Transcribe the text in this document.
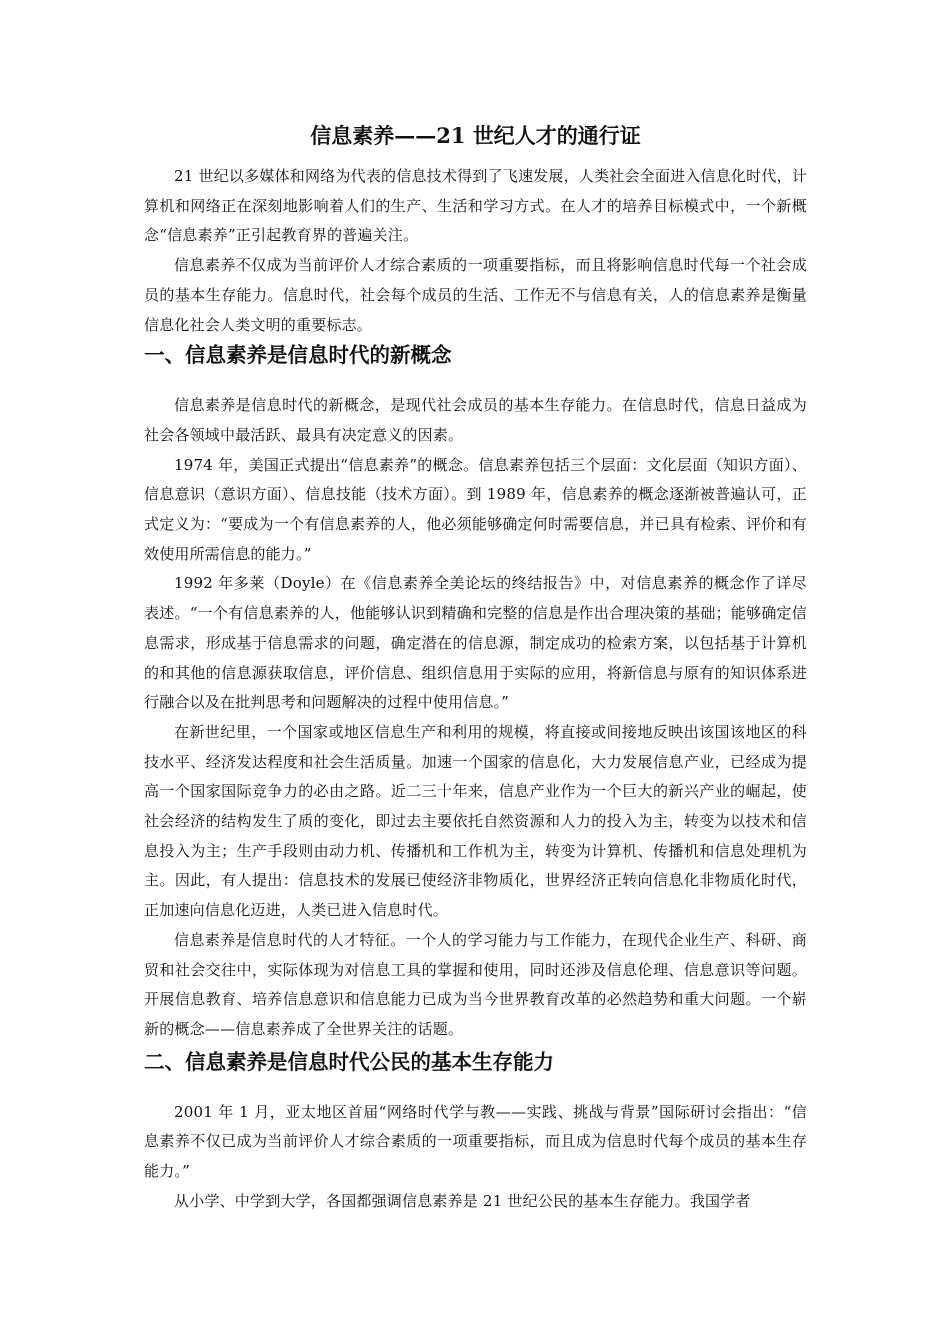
信息素养——21 世纪人才的通行证

21 世纪以多媒体和网络为代表的信息技术得到了飞速发展，人类社会全面进入信息化时代，计算机和网络正在深刻地影响着人们的生产、生活和学习方式。在人才的培养目标模式中，一个新概念“信息素养”正引起教育界的普遍关注。

信息素养不仅成为当前评价人才综合素质的一项重要指标，而且将影响信息时代每一个社会成员的基本生存能力。信息时代，社会每个成员的生活、工作无不与信息有关，人的信息素养是衡量信息化社会人类文明的重要标志。

一、信息素养是信息时代的新概念

信息素养是信息时代的新概念，是现代社会成员的基本生存能力。在信息时代，信息日益成为社会各领域中最活跃、最具有决定意义的因素。

1974 年，美国正式提出“信息素养”的概念。信息素养包括三个层面：文化层面（知识方面）、信息意识（意识方面）、信息技能（技术方面）。到 1989 年，信息素养的概念逐渐被普遍认可，正式定义为：“要成为一个有信息素养的人，他必须能够确定何时需要信息，并已具有检索、评价和有效使用所需信息的能力。”

1992 年多莱（Doyle）在《信息素养全美论坛的终结报告》中，对信息素养的概念作了详尽表述。“一个有信息素养的人，他能够认识到精确和完整的信息是作出合理决策的基础；能够确定信息需求，形成基于信息需求的问题，确定潜在的信息源，制定成功的检索方案，以包括基于计算机的和其他的信息源获取信息，评价信息、组织信息用于实际的应用，将新信息与原有的知识体系进行融合以及在批判思考和问题解决的过程中使用信息。”

在新世纪里，一个国家或地区信息生产和利用的规模，将直接或间接地反映出该国该地区的科技水平、经济发达程度和社会生活质量。加速一个国家的信息化，大力发展信息产业，已经成为提高一个国家国际竞争力的必由之路。近二三十年来，信息产业作为一个巨大的新兴产业的崛起，使社会经济的结构发生了质的变化，即过去主要依托自然资源和人力的投入为主，转变为以技术和信息投入为主；生产手段则由动力机、传播机和工作机为主，转变为计算机、传播机和信息处理机为主。因此，有人提出：信息技术的发展已使经济非物质化，世界经济正转向信息化非物质化时代，正加速向信息化迈进，人类已进入信息时代。

信息素养是信息时代的人才特征。一个人的学习能力与工作能力，在现代企业生产、科研、商贸和社会交往中，实际体现为对信息工具的掌握和使用，同时还涉及信息伦理、信息意识等问题。开展信息教育、培养信息意识和信息能力已成为当今世界教育改革的必然趋势和重大问题。一个崭新的概念——信息素养成了全世界关注的话题。

二、信息素养是信息时代公民的基本生存能力

2001 年 1 月，亚太地区首届“网络时代学与教——实践、挑战与背景”国际研讨会指出：“信息素养不仅已成为当前评价人才综合素质的一项重要指标，而且成为信息时代每个成员的基本生存能力。”

从小学、中学到大学，各国都强调信息素养是 21 世纪公民的基本生存能力。我国学者
